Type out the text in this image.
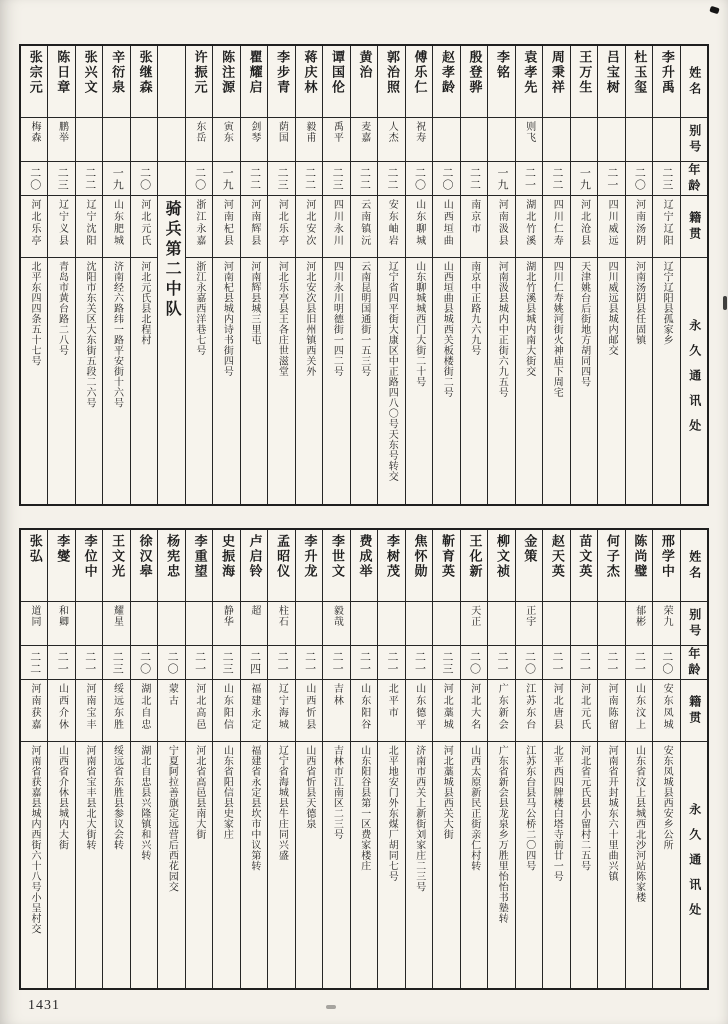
张宗元
梅森
二〇
河北乐亭
北平东四四条五十七号
陈日章
鹏举
二三
辽宁义县
青岛市黄台路二八号
张兴文
二二
辽宁沈阳
沈阳市东关区大东街五段二六号
辛衍泉
一九
山东肥城
济南经六路纬一路平安街十六号
张继森
二〇
河北元氏
河北元氏县北程村 骑兵第二中队
许振元
东岳
二〇
浙江永嘉
浙江永嘉西洋巷七号
陈注源
寅东
一九
河南杞县
河南杞县城内诗书街四号
瞿耀启
剑琴
二二
河南辉县
河南辉县城三里屯
李步青
荫国
二三
河北乐亭
河北乐亭县王各庄世滋堂
蒋庆林
毅甫
二二
河北安次
河北安次县旧州镇西关外
谭国伦
禹平
二三
四川永川
四川永川明德街一四二号
黄治
麦嘉
二二
云南镇沅
云南昆明国通街一五三号
郭治照
人杰
二二
安东岫岩
辽宁省四平街大康区中正路四八〇号天东号转交
傅乐仁
祝寿
二〇
山东聊城
山东聊城城西门大街二十号
赵孝龄
二〇
山西垣曲
山西垣曲县城西关板楼街二号
殷登骅
二二
南京市
南京中正路九六九号
李铭
一九
河南汲县
河南汲县城内中正街六九五号
袁孝先
则飞
二一
湖北竹溪
湖北竹溪县城内南大街交
周秉祥
二二
四川仁寿
四川仁寿姚河街火神庙下周宅
王万生
一九
河北沧县
天津姚台后街地方胡同四号
吕宝树
二一
四川威远
四川威远县城内邮交
杜玉玺
二〇
河南汤阴
河南汤阴县任固镇
李升禹
二三
辽宁辽阳
辽宁辽阳县孤家乡
姓名
别号
年龄
籍贯
永久通讯处
张弘
道同
二二
河南获嘉
河南省获嘉县城内西街六十八号小呈村交
李燮
和卿
二一
山西介休
山西省介休县城内大街
李位中
二一
河南宝丰
河南省宝丰县北大街转
王文光
耀星
二三
绥远东胜
绥远省东胜县参议会转
徐汉皋
二〇
湖北自忠
湖北自忠县兴隆镇和兴转
杨宪忠
二〇
蒙古
宁夏阿拉善旗定远营后西花园交
李重望
二一
河北高邑
河北省高邑县南大街
史振海
静华
二三
山东阳信
山东省阳信县史家庄
卢启铃
超
二四
福建永定
福建省永定县坎市中议第转
孟昭仪
柱石
二一
辽宁海城
辽宁省海城县牛庄同兴盛
李升龙
二一
山西忻县
山西省忻县天德泉
李世文
毅哉
二一
吉林
吉林市江南区二三号
费成举
二一
山东阳谷
山东阳谷县第一区费家楼庄
李树茂
二一
北平市
北平地安门外东煤厂胡同七号
焦怀勋
二一
山东德平
济南市西关上新街刘家庄二三号
靳育英
二三
河北藁城
河北藁城县西关大街
王化新
天正
二〇
河北大名
山西太原新民正街亲仁村转
柳文祯
二一
广东新会
广东省新会县龙泉乡万胜里怡怡书塾转
金策
正宇
二〇
江苏东台
江苏东台县马公桥二〇四号
赵天英
二一
河北唐县
北平西四牌楼白塔寺前廿一号
苗文英
二一
河北元氏
河北省元氏县小留村二五号
何子杰
二一
河南陈留
河南省开封城东六十里曲兴镇
陈尚璧
郁彬
二一
山东汶上
山东省汶上县城西北沙河站陈家楼
邢学中
荣九
二〇
安东凤城
安东凤城县西安乡公所
姓名
别号
年龄
籍贯
永久通讯处
1431
